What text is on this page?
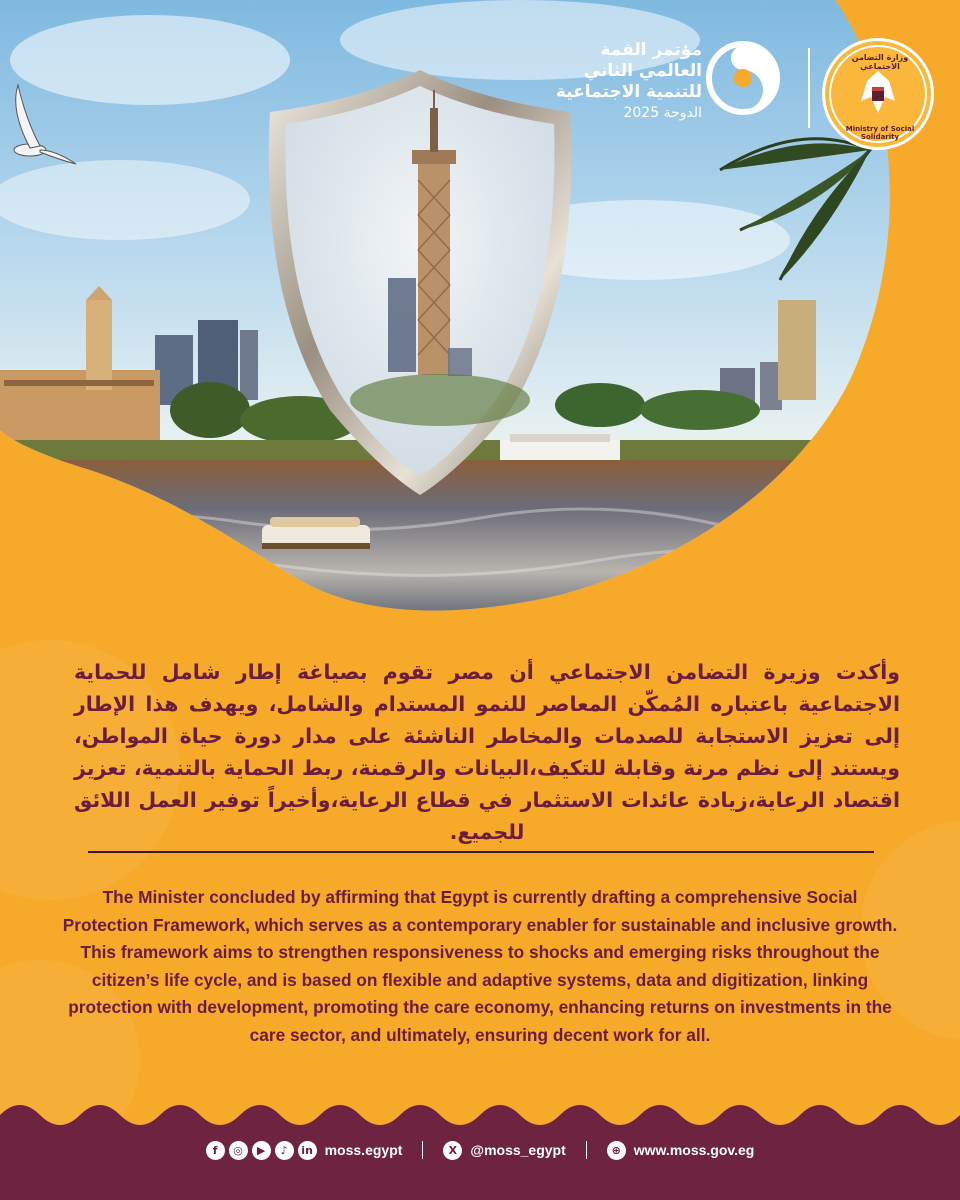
مؤتمر القمة
العالمي الثاني
للتنمية الاجتماعية
الدوحة 2025
وزارة التضامن الاجتماعي
Ministry of Social Solidarity

وأكدت وزيرة التضامن الاجتماعي أن مصر تقوم بصياغة إطار شامل للحماية الاجتماعية باعتباره المُمكّن المعاصر للنمو المستدام والشامل، ويهدف هذا الإطار إلى تعزيز الاستجابة للصدمات والمخاطر الناشئة على مدار دورة حياة المواطن، ويستند إلى نظم مرنة وقابلة للتكيف،البيانات والرقمنة، ربط الحماية بالتنمية، تعزيز اقتصاد الرعاية،زيادة عائدات الاستثمار في قطاع الرعاية،وأخيراً توفير العمل اللائق للجميع.

The Minister concluded by affirming that Egypt is currently drafting a comprehensive Social Protection Framework, which serves as a contemporary enabler for sustainable and inclusive growth. This framework aims to strengthen responsiveness to shocks and emerging risks throughout the citizen’s life cycle, and is based on flexible and adaptive systems, data and digitization, linking protection with development, promoting the care economy, enhancing returns on investments in the care sector, and ultimately, ensuring decent work for all.

f	◎	▶	♪	in moss.egypt	X @moss_egypt	⊕ www.moss.gov.eg
